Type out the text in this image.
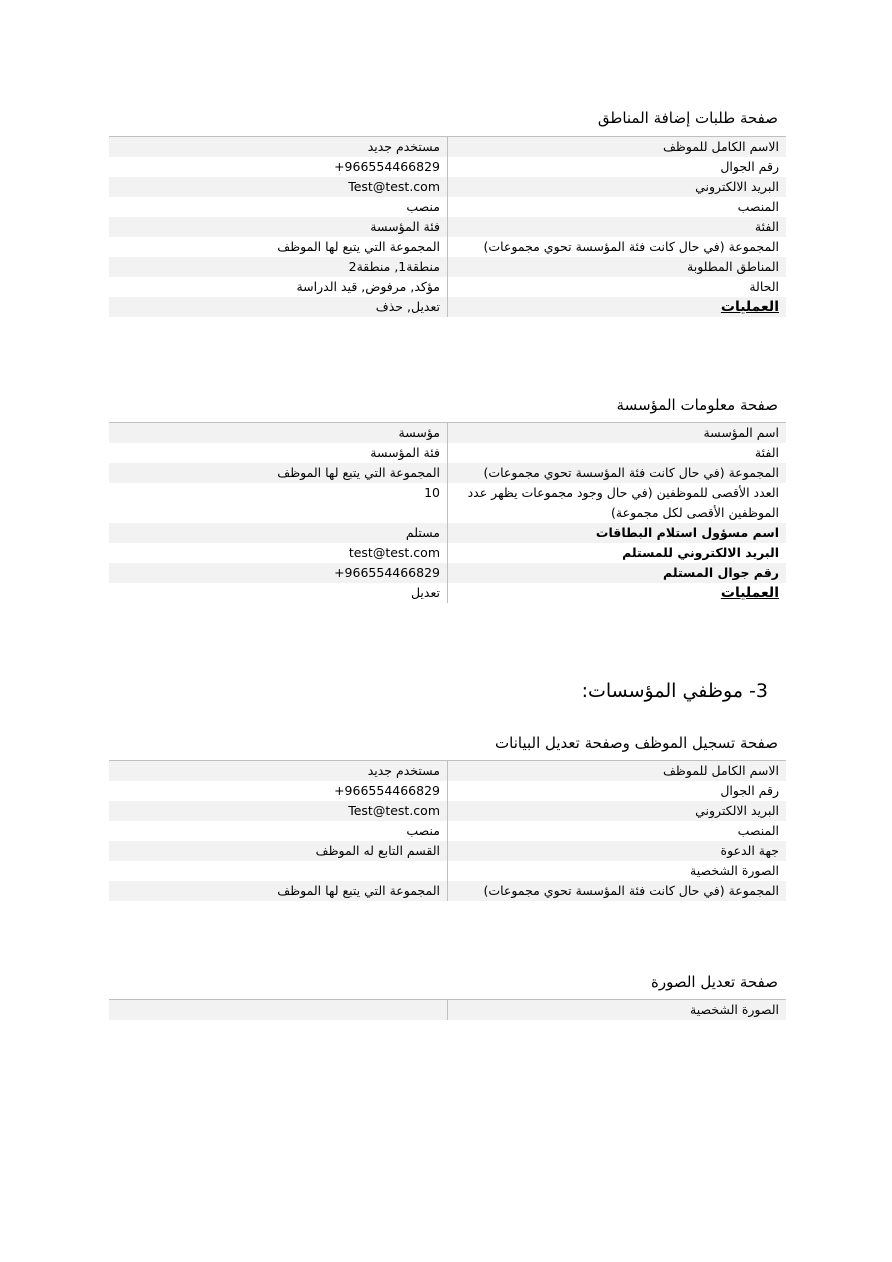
صفحة طلبات إضافة المناطق
الاسم الكامل للموظف	مستخدم جديد
رقم الجوال	+966554466829
البريد الالكتروني	Test@test.com
المنصب	منصب
الفئة	فئة المؤسسة
المجموعة (في حال كانت فئة المؤسسة تحوي مجموعات)	المجموعة التي يتبع لها الموظف
المناطق المطلوبة	منطقة1, منطقة2
الحالة	مؤكد, مرفوض, قيد الدراسة
العمليات	تعديل, حذف
صفحة معلومات المؤسسة
اسم المؤسسة	مؤسسة
الفئة	فئة المؤسسة
المجموعة (في حال كانت فئة المؤسسة تحوي مجموعات)	المجموعة التي يتبع لها الموظف
العدد الأقصى للموظفين (في حال وجود مجموعات يظهر عدد الموظفين الأقصى لكل مجموعة)	10
اسم مسؤول استلام البطاقات	مستلم
البريد الالكتروني للمستلم	test@test.com
رقم جوال المستلم	+966554466829
العمليات	تعديل
3- موظفي المؤسسات:
صفحة تسجيل الموظف وصفحة تعديل البيانات
الاسم الكامل للموظف	مستخدم جديد
رقم الجوال	+966554466829
البريد الالكتروني	Test@test.com
المنصب	منصب
جهة الدعوة	القسم التابع له الموظف
الصورة الشخصية	
المجموعة (في حال كانت فئة المؤسسة تحوي مجموعات)	المجموعة التي يتبع لها الموظف
صفحة تعديل الصورة
الصورة الشخصية	
